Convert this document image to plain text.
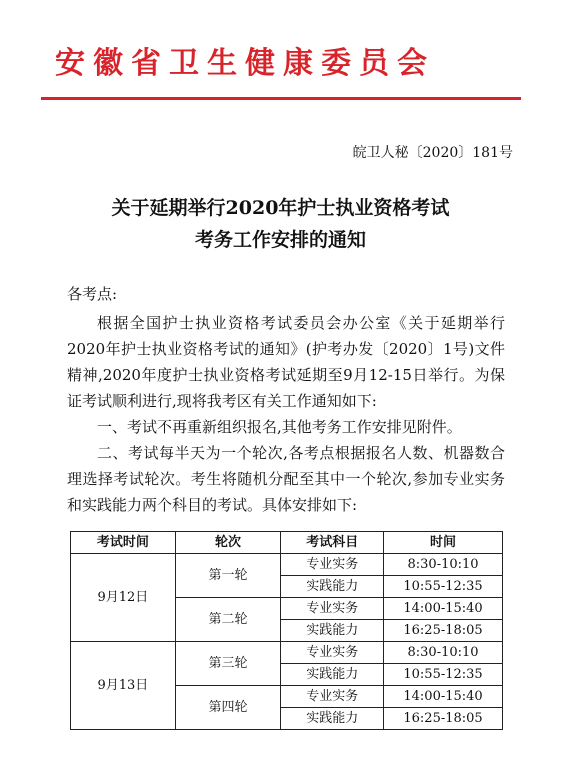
安徽省卫生健康委员会
皖卫人秘〔2020〕181号
关于延期举行2020年护士执业资格考试
考务工作安排的通知
各考点:

根据全国护士执业资格考试委员会办公室《关于延期举行2020年护士执业资格考试的通知》(护考办发〔2020〕1号)文件精神,2020年度护士执业资格考试延期至9月12-15日举行。为保证考试顺利进行,现将我考区有关工作通知如下:

一、考试不再重新组织报名,其他考务工作安排见附件。

二、考试每半天为一个轮次,各考点根据报名人数、机器数合理选择考试轮次。考生将随机分配至其中一个轮次,参加专业实务和实践能力两个科目的考试。具体安排如下:

考试时间	轮次	考试科目	时间
9月12日	第一轮	专业实务	8:30-10:10
		实践能力	10:55-12:35
	第二轮	专业实务	14:00-15:40
		实践能力	16:25-18:05
9月13日	第三轮	专业实务	8:30-10:10
		实践能力	10:55-12:35
	第四轮	专业实务	14:00-15:40
		实践能力	16:25-18:05
